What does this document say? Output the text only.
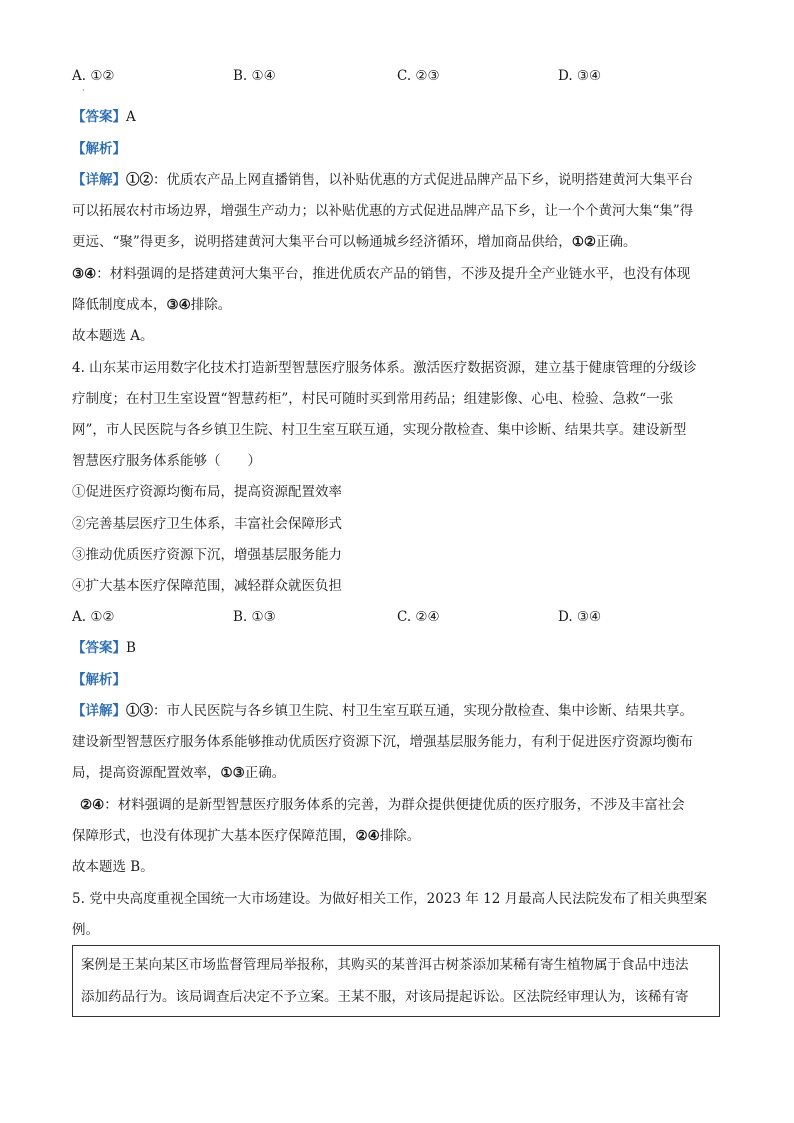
A. ①②	B. ①④	C. ②③	D. ③④
·
【答案】A
【解析】
【详解】①②：优质农产品上网直播销售，以补贴优惠的方式促进品牌产品下乡，说明搭建黄河大集平台
可以拓展农村市场边界，增强生产动力；以补贴优惠的方式促进品牌产品下乡，让一个个黄河大集“集”得
更远、“聚”得更多，说明搭建黄河大集平台可以畅通城乡经济循环，增加商品供给，①②正确。
③④：材料强调的是搭建黄河大集平台，推进优质农产品的销售，不涉及提升全产业链水平，也没有体现
降低制度成本，③④排除。
故本题选 A。
4. 山东某市运用数字化技术打造新型智慧医疗服务体系。激活医疗数据资源，建立基于健康管理的分级诊
疗制度；在村卫生室设置“智慧药柜”，村民可随时买到常用药品；组建影像、心电、检验、急救“一张
网”，市人民医院与各乡镇卫生院、村卫生室互联互通，实现分散检查、集中诊断、结果共享。建设新型
智慧医疗服务体系能够（　　）
①促进医疗资源均衡布局，提高资源配置效率
②完善基层医疗卫生体系，丰富社会保障形式
③推动优质医疗资源下沉，增强基层服务能力
④扩大基本医疗保障范围，减轻群众就医负担
A. ①②	B. ①③	C. ②④	D. ③④
【答案】B
【解析】
【详解】①③：市人民医院与各乡镇卫生院、村卫生室互联互通，实现分散检查、集中诊断、结果共享。
建设新型智慧医疗服务体系能够推动优质医疗资源下沉，增强基层服务能力，有利于促进医疗资源均衡布
局，提高资源配置效率，①③正确。
②④：材料强调的是新型智慧医疗服务体系的完善，为群众提供便捷优质的医疗服务，不涉及丰富社会
保障形式，也没有体现扩大基本医疗保障范围，②④排除。
故本题选 B。
5. 党中央高度重视全国统一大市场建设。为做好相关工作，2023 年 12 月最高人民法院发布了相关典型案
例。
案例是王某向某区市场监督管理局举报称，其购买的某普洱古树茶添加某稀有寄生植物属于食品中违法
添加药品行为。该局调查后决定不予立案。王某不服，对该局提起诉讼。区法院经审理认为，该稀有寄
